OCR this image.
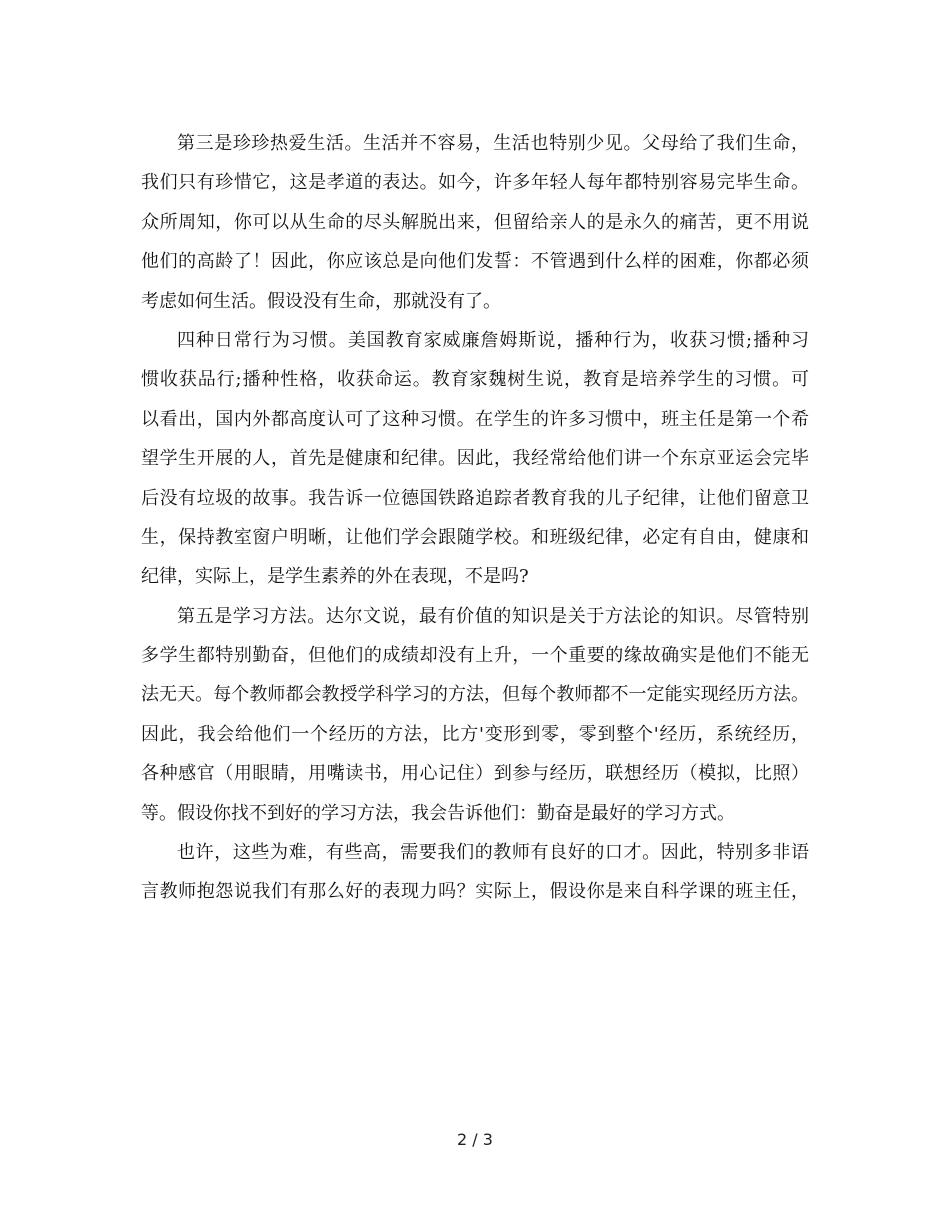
第三是珍珍热爱生活。生活并不容易，生活也特别少见。父母给了我们生命，
我们只有珍惜它，这是孝道的表达。如今，许多年轻人每年都特别容易完毕生命。
众所周知，你可以从生命的尽头解脱出来，但留给亲人的是永久的痛苦，更不用说
他们的高龄了！因此，你应该总是向他们发誓：不管遇到什么样的困难，你都必须
考虑如何生活。假设没有生命，那就没有了。
四种日常行为习惯。美国教育家威廉詹姆斯说，播种行为，收获习惯;播种习
惯收获品行;播种性格，收获命运。教育家魏树生说，教育是培养学生的习惯。可
以看出，国内外都高度认可了这种习惯。在学生的许多习惯中，班主任是第一个希
望学生开展的人，首先是健康和纪律。因此，我经常给他们讲一个东京亚运会完毕
后没有垃圾的故事。我告诉一位德国铁路追踪者教育我的儿子纪律，让他们留意卫
生，保持教室窗户明晰，让他们学会跟随学校。和班级纪律，必定有自由，健康和
纪律，实际上，是学生素养的外在表现，不是吗?
第五是学习方法。达尔文说，最有价值的知识是关于方法论的知识。尽管特别
多学生都特别勤奋，但他们的成绩却没有上升，一个重要的缘故确实是他们不能无
法无天。每个教师都会教授学科学习的方法，但每个教师都不一定能实现经历方法。
因此，我会给他们一个经历的方法，比方'变形到零，零到整个'经历，系统经历，
各种感官（用眼睛，用嘴读书，用心记住）到参与经历，联想经历（模拟，比照）
等。假设你找不到好的学习方法，我会告诉他们：勤奋是最好的学习方式。
也许，这些为难，有些高，需要我们的教师有良好的口才。因此，特别多非语
言教师抱怨说我们有那么好的表现力吗？实际上，假设你是来自科学课的班主任，
2 / 3
